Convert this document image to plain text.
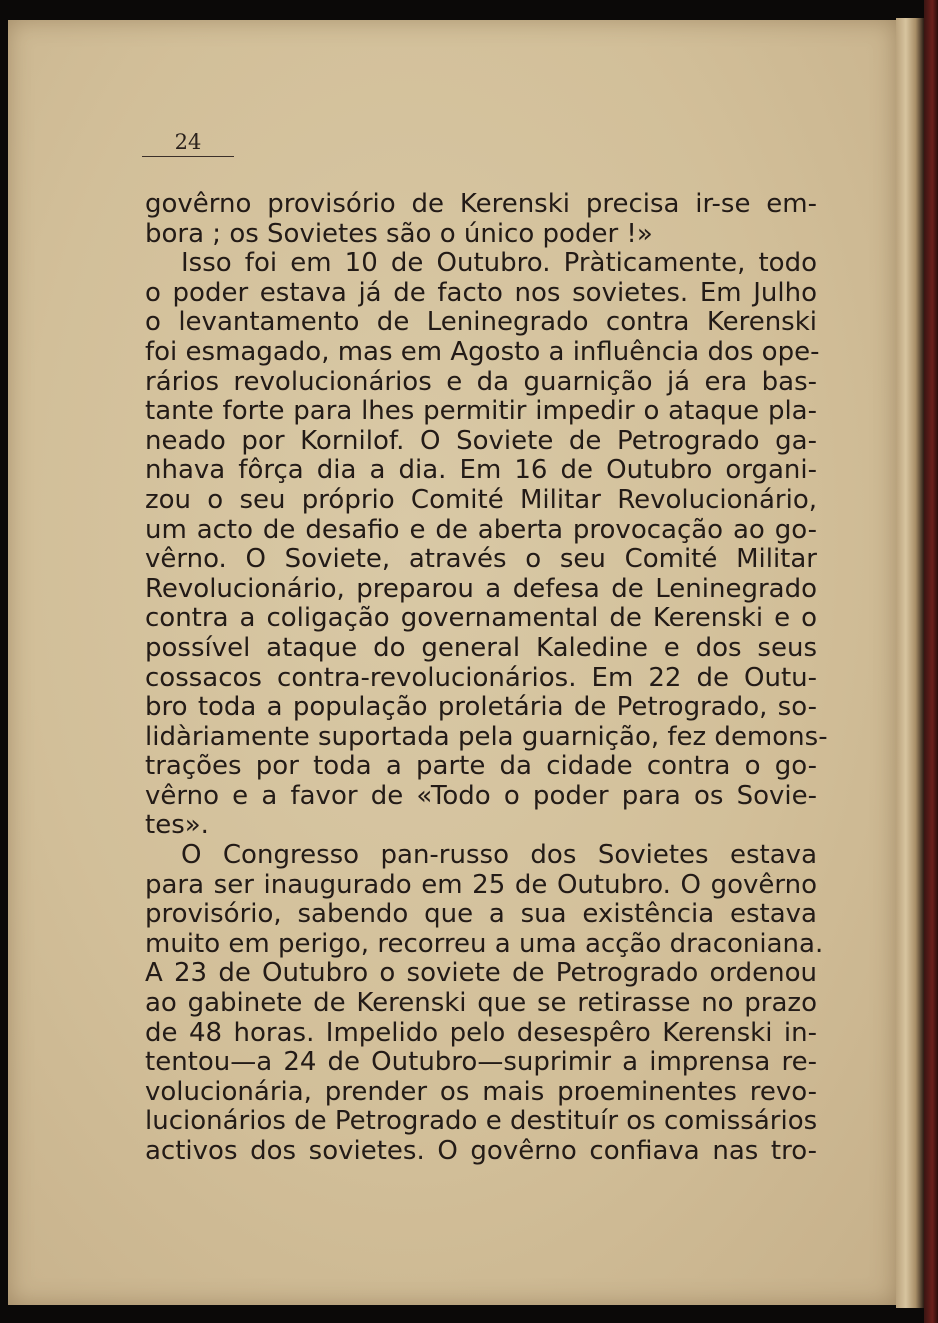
24
govêrno provisório de Kerenski precisa ir-se em-
bora ; os Sovietes são o único poder !»
Isso foi em 10 de Outubro. Pràticamente, todo
o poder estava já de facto nos sovietes. Em Julho
o levantamento de Leninegrado contra Kerenski
foi esmagado, mas em Agosto a influência dos ope-
rários revolucionários e da guarnição já era bas-
tante forte para lhes permitir impedir o ataque pla-
neado por Kornilof. O Soviete de Petrogrado ga-
nhava fôrça dia a dia. Em 16 de Outubro organi-
zou o seu próprio Comité Militar Revolucionário,
um acto de desafio e de aberta provocação ao go-
vêrno. O Soviete, através o seu Comité Militar
Revolucionário, preparou a defesa de Leninegrado
contra a coligação governamental de Kerenski e o
possível ataque do general Kaledine e dos seus
cossacos contra-revolucionários. Em 22 de Outu-
bro toda a população proletária de Petrogrado, so-
lidàriamente suportada pela guarnição, fez demons-
trações por toda a parte da cidade contra o go-
vêrno e a favor de «Todo o poder para os Sovie-
tes».
O Congresso pan-russo dos Sovietes estava
para ser inaugurado em 25 de Outubro. O govêrno
provisório, sabendo que a sua existência estava
muito em perigo, recorreu a uma acção draconiana.
A 23 de Outubro o soviete de Petrogrado ordenou
ao gabinete de Kerenski que se retirasse no prazo
de 48 horas. Impelido pelo desespêro Kerenski in-
tentou—a 24 de Outubro—suprimir a imprensa re-
volucionária, prender os mais proeminentes revo-
lucionários de Petrogrado e destituír os comissários
activos dos sovietes. O govêrno confiava nas tro-
